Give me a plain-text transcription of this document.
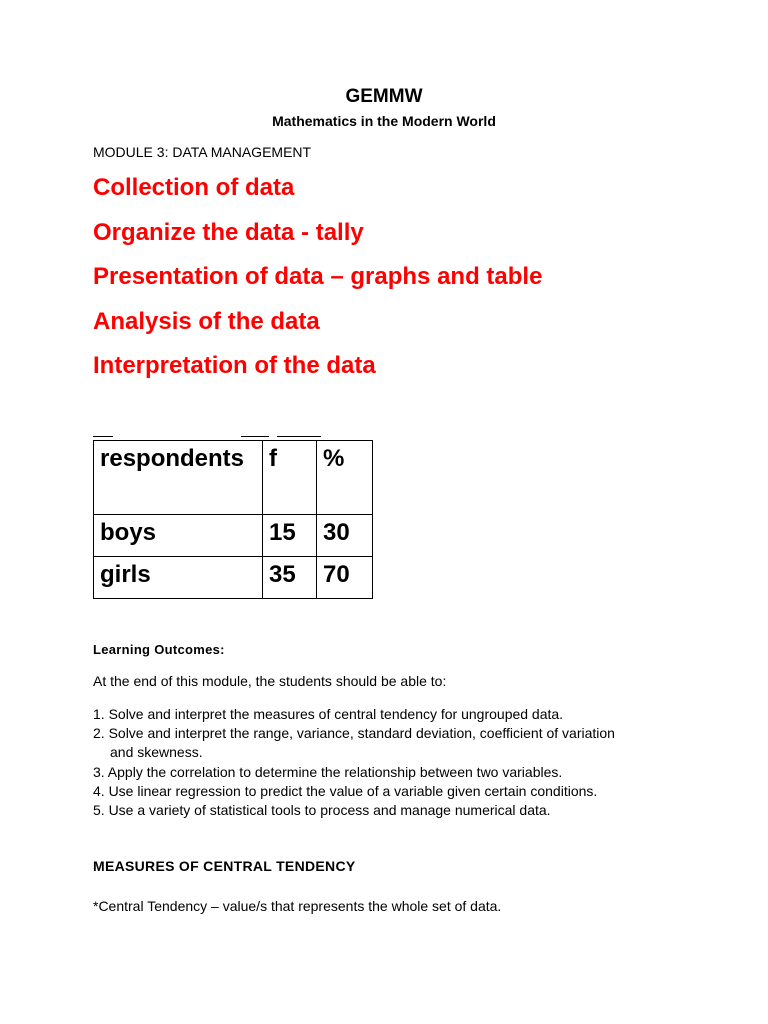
GEMMW
Mathematics in the Modern World
MODULE 3: DATA MANAGEMENT
Collection of data
Organize the data - tally
Presentation of data – graphs and table
Analysis of the data
Interpretation of the data
respondents	f	%
boys	15	30
girls	35	70
Learning Outcomes:
At the end of this module, the students should be able to:
1. Solve and interpret the measures of central tendency for ungrouped data.
2. Solve and interpret the range, variance, standard deviation, coefficient of variation
and skewness.
3. Apply the correlation to determine the relationship between two variables.
4. Use linear regression to predict the value of a variable given certain conditions.
5. Use a variety of statistical tools to process and manage numerical data.
MEASURES OF CENTRAL TENDENCY
*Central Tendency – value/s that represents the whole set of data.
